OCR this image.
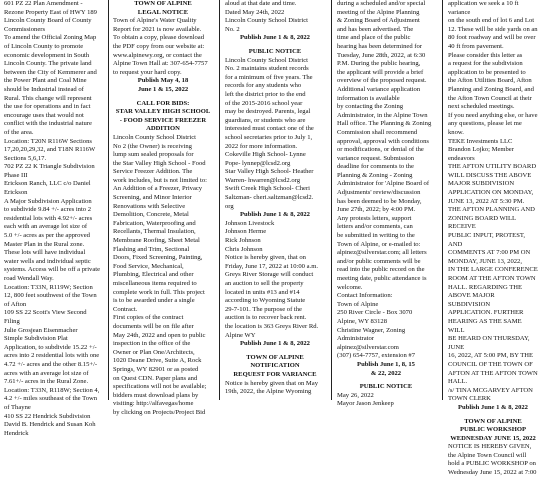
601 PZ 22 Plan Amendment -

Rezone Property East of HWY 189

Lincoln County Board of County

Commissioners

To amend the Official Zoning Map

of Lincoln County to promote

economic development in South

Lincoln County. The private land

between the City of Kemmerer and

the Power Plant and Coal Mine

should be Industrial instead of

Rural. This change will represent

the use for operations and in fact

encourage uses that would not

conflict with the industrial nature

of the area.

Location: T20N R116W Sections

17,20,20,29,32, and T18N R116W

Sections 5,6,17.

702 PZ 22 K Triangle Subdivision

Phase III

Erickson Ranch, LLC c/o Daniel

Erickson

A Major Subdivision Application

to subdivide 9.84 +/- acres into 2

residential lots with 4.92+/- acres

each with an average lot size of

5.0 +/- acres as per the approved

Master Plan in the Rural zone.

These lots will have individual

water wells and individual septic

systems. Access will be off a private

road Wendall Way.

Location: T33N, R119W; Section

12, 800 feet southwest of the Town

of Afton

109 SS 22 Scott's View Second Filing

Julie Grosjean Eisenmacher

Simple Subdivision Plat

Application, to subdivide 15.22 +/-

acres into 2 residential lots with one

4.72 +/- acres and the other 8.15+/-

acres with an average lot size of

7.61+/- acres in the Rural Zone.

Location: T33N, R118W; Section 4,

4.2 +/- miles southeast of the Town

of Thayne

410 SS 22 Hendrick Subdivision

David B. Hendrick and Susan Koh

Hendrick

TOWN OF ALPINE

LEGAL NOTICE

Town of Alpine's Water Quality

Report for 2021 is now available.

To obtain a copy, please download

the PDF copy from our website at:

www.alpinewy.org, or contact the

Alpine Town Hall at: 307-654-7757

to request your hard copy.

Publish May 4, 18

June 1 & 15, 2022

CALL FOR BIDS:

STAR VALLEY HIGH SCHOOL

- FOOD SERVICE FREEZER

ADDITION

Lincoln County School District

No 2 (the Owner) is receiving

lump sum sealed proposals for

the Star Valley High School - Food

Service Freezer Addition. The

work includes, but is not limited to:

An Addition of a Freezer, Privacy

Screening, and Minor Interior

Renovations with Selective

Demolition, Concrete, Metal

Fabrication, Waterproofing and

Recellants, Thermal Insulation,

Membrane Roofing, Sheet Metal

Flashing and Trim, Sectional

Doors, Fixed Screening, Painting,

Food Service, Mechanical,

Plumbing, Electrical and other

miscellaneous items required to

complete work in full. This project

is to be awarded under a single

Contract.

First copies of the contract

documents will be on file after

May 24th, 2022 and open to public

inspection in the office of the

Owner or Plan One/Architects,

1020 Deane Drive, Suite A, Rock

Springs, WY 82901 or as posted

on Quest CDN. Paper plans and

specifications will not be available;

bidders must download plans by

visiting: http://alfavegas/home

by clicking on Projects/Project Bid

aloud at that date and time.

Dated May 24th, 2022

Lincoln County School District

No. 2

Publish June 1 & 8, 2022

PUBLIC NOTICE

Lincoln County School District

No. 2 maintains student records

for a minimum of five years. The

records for any students who

left the district prior to the end

of the 2015-2016 school year

may be destroyed. Parents, legal

guardians, or students who are

interested must contact one of the

school secretaries prior to July 1,

2022 for more information.

Cokeville High School- Lynne

Pope- lynnep@lcsd2.org

Star Valley High School- Heather

Warren- hwarren@lcsd2.org

Swift Creek High School- Cheri

Saltzman- cheri.saltzman@lcsd2.

org

Publish June 1 & 8, 2022

Johnson Livestock

Johnson Herme

Rick Johnson

Chris Johnson

Notice is hereby given, that on

Friday, June 17, 2022 at 10:00 a.m.

Greys River Storage will conduct

an auction to sell the property

located in units #13 and #14

according to Wyoming Statute

29-7-101. The purpose of the

auction is to recover back rent.

the location is 363 Greys River Rd.

Alpine WY

Publish June 1 & 8, 2022

TOWN OF ALPINE

NOTIFICATION

REQUEST FOR VARIANCE

Notice is hereby given that on May

19th, 2022, the Alpine Wyoming

during a scheduled and/or special

meeting of the Alpine Planning

& Zoning Board of Adjustment

and has been advertised. The

time and place of the public

hearing has been determined for

Tuesday, June 28th, 2022, at 6:30

P.M. During the public hearing,

the applicant will provide a brief

overview of the proposed request.

Additional variance application

information is available

by contacting the Zoning

Administrator, in the Alpine Town

Hall office. The Planning & Zoning

Commission shall recommend

approval, approval with conditions

or modifications, or denial of the

variance request. Submission

deadline for comments to the

Planning & Zoning - Zoning

Administrator for 'Alpine Board of

Adjustments' review/discussion

has been deemed to be Monday,

June 27th, 2022; by 4:00 PM.

Any protests letters, support

letters and/or comments, can

be submitted in writing to the

Town of Alpine, or e-mailed to:

alpinez@silverstar.com; all letters

and/or public comments will be

read into the public record on the

meeting date, public attendance is

welcome.

Contact Information:

Town of Alpine

250 River Circle - Box 3070

Alpine, WY 83128

Christine Wagner, Zoning

Administrator

alpinez@silverstar.com

(307) 654-7757, extension #7

Publish June 1, 8, 15

& 22, 2022

PUBLIC NOTICE

May 26, 2022

Mayor Jason Jenkeep

application we seek a 10 ft variance

on the south end of lot 6 and Lot

12. These will be side yards on an

80 foot roadway and will be over

40 ft from pavement.

Please consider this letter as

a request for the subdivision

application to be presented to

the Afton Utilities Board, Afton

Planning and Zoning Board, and

the Afton Town Council at their

next scheduled meetings.

If you need anything else, or have

any questions, please let me know.

TEKE Investments LLC

Brandon Lojko; Member

endeavors

THE AFTON UTILITY BOARD

WILL DISCUSS THE ABOVE

MAJOR SUBDIVISION

APPLICATION ON MONDAY,

JUNE 13, 2022 AT 5:30 PM.

THE AFTON PLANNING AND

ZONING BOARD WILL RECEIVE

PUBLIC INPUT, PROTEST, AND

COMMENTS AT 7:00 PM ON

MONDAY, JUNE 13, 2022,

IN THE LARGE CONFERENCE

ROOM AT THE AFTON TOWN

HALL. REGARDING THE

ABOVE MAJOR SUBDIVISION

APPLICATION. FURTHER

HEARING AS THE SAME WILL

BE HEARD ON THURSDAY, JUNE

16, 2022, AT 5:00 PM, BY THE

COUNCIL OF THE TOWN OF

AFTON AT THE AFTON TOWN

HALL.

/s/ TINA MCGARVEY AFTON

TOWN CLERK

Publish June 1 & 8, 2022

TOWN OF ALPINE

PUBLIC WORKSHOP

WEDNESDAY JUNE 15, 2022

NOTICE IS HEREBY GIVEN,

the Alpine Town Council will

hold a PUBLIC WORKSHOP on

Wednesday June 15, 2022 at 7:00
